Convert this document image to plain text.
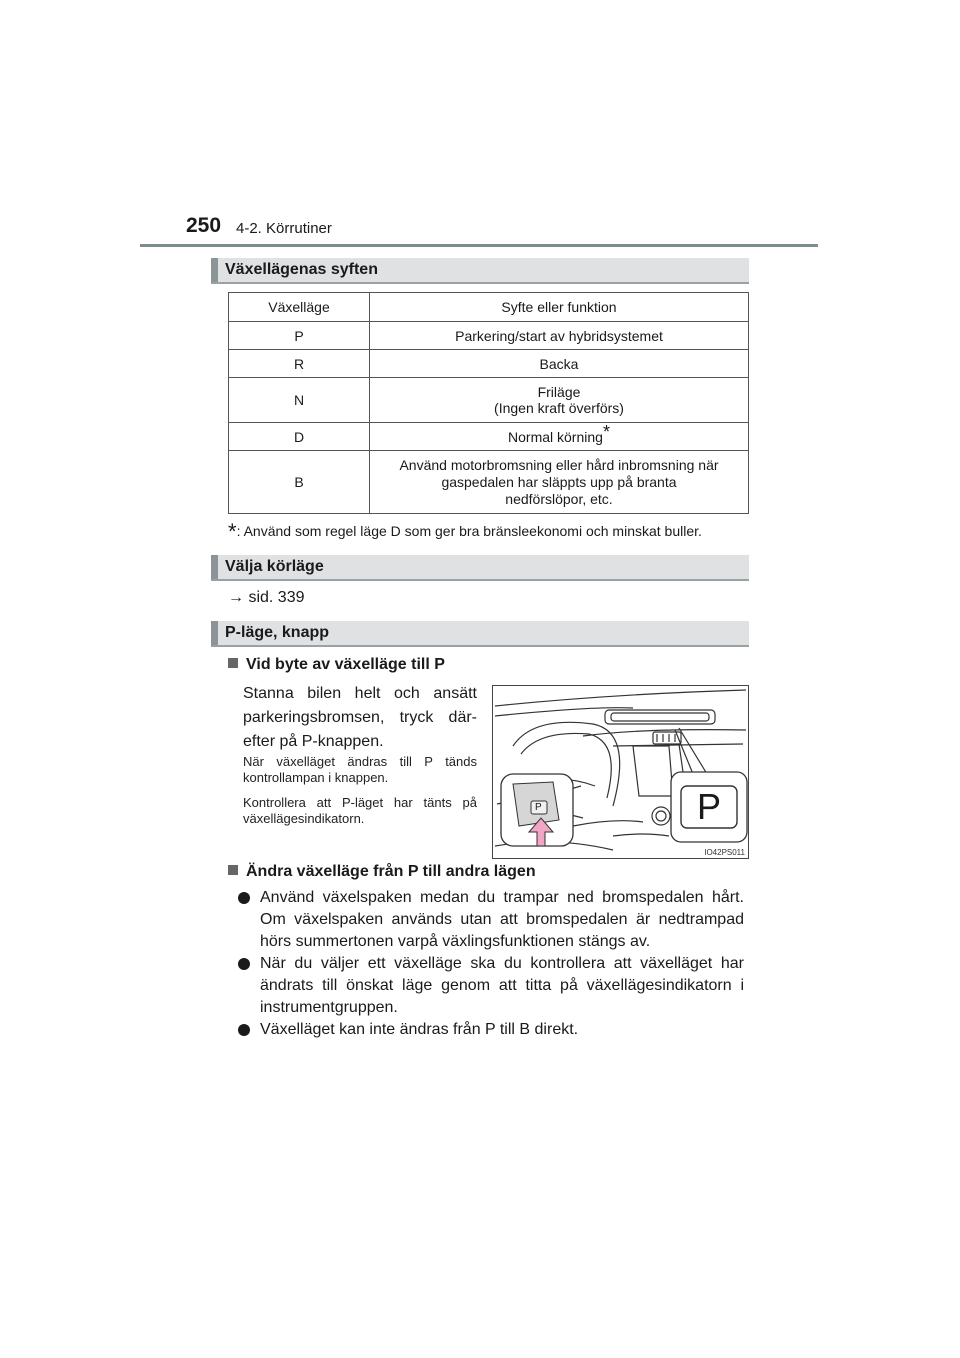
250 4-2. Körrutiner
Växellägenas syften
Växelläge	Syfte eller funktion
P	Parkering/start av hybridsystemet
R	Backa
N	Friläge
(Ingen kraft överförs)

D	Normal körning*
B	Använd motorbromsning eller hård inbromsning när
gaspedalen har släppts upp på branta
nedförslöpor, etc.
*: Använd som regel läge D som ger bra bränsleekonomi och minskat buller.
Välja körläge
→ sid. 339
P-läge, knapp
Vid byte av växelläge till P
Stanna bilen helt och ansätt parkeringsbromsen, tryck därefter på P-knappen.
När växelläget ändras till P tänds kontrollampan i knappen.
Kontrollera att P-läget har tänts på växellägesindikatorn.
P	P
IO42PS011
Ändra växelläge från P till andra lägen
Använd växelspaken medan du trampar ned bromspedalen hårt. Om växelspaken används utan att bromspedalen är nedtrampad hörs summertonen varpå växlingsfunktionen stängs av.
När du väljer ett växelläge ska du kontrollera att växelläget har ändrats till önskat läge genom att titta på växellägesindikatorn i instrumentgruppen.
Växelläget kan inte ändras från P till B direkt.
